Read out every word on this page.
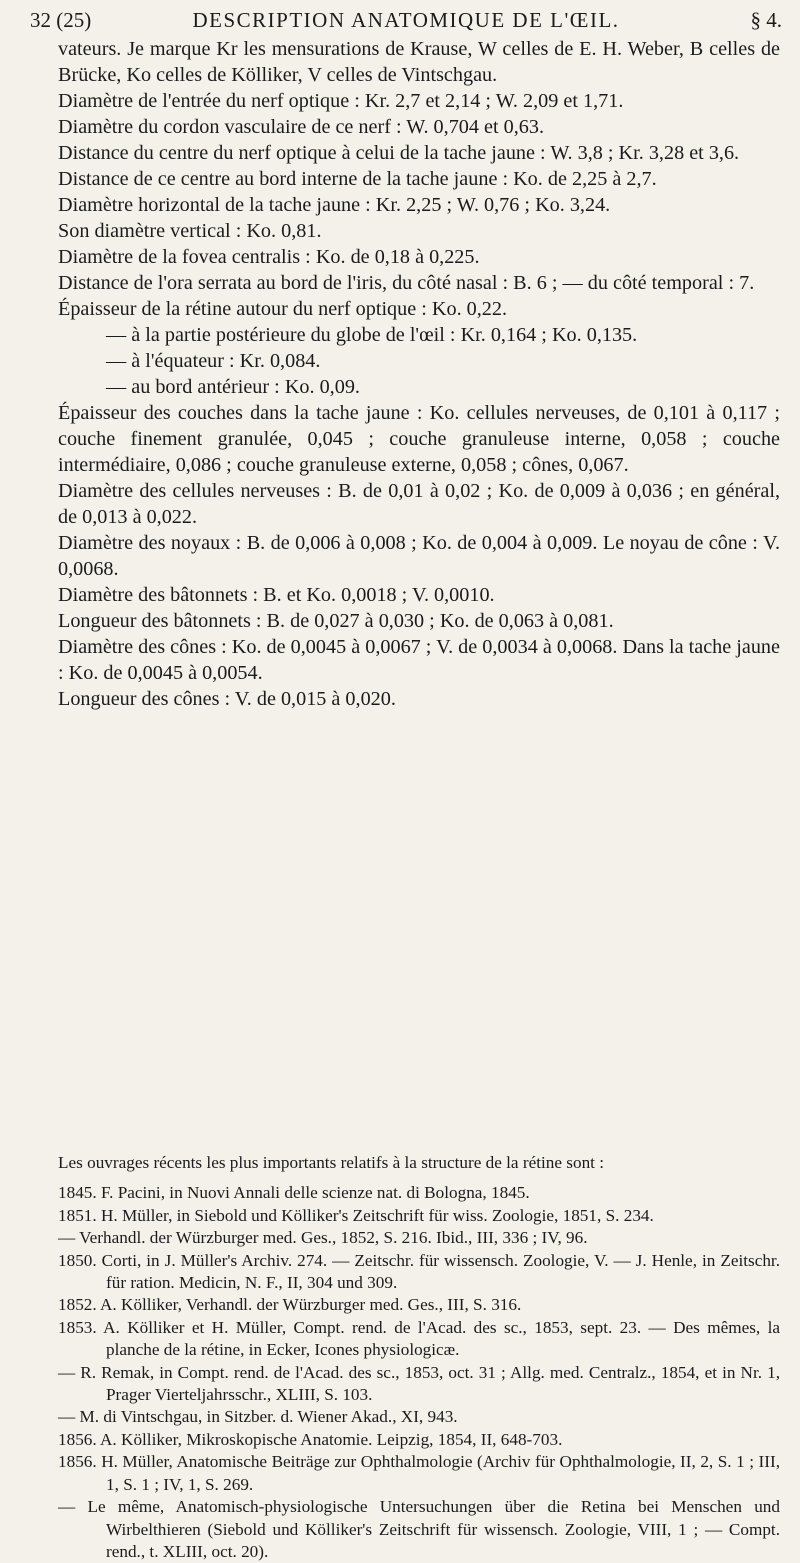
32 (25)	DESCRIPTION ANATOMIQUE DE L'ŒIL.	§ 4.

vateurs. Je marque Kr les mensurations de Krause, W celles de E. H. Weber, B celles de Brücke, Ko celles de Kölliker, V celles de Vintschgau.

Diamètre de l'entrée du nerf optique : Kr. 2,7 et 2,14 ; W. 2,09 et 1,71.

Diamètre du cordon vasculaire de ce nerf : W. 0,704 et 0,63.

Distance du centre du nerf optique à celui de la tache jaune : W. 3,8 ; Kr. 3,28 et 3,6.

Distance de ce centre au bord interne de la tache jaune : Ko. de 2,25 à 2,7.

Diamètre horizontal de la tache jaune : Kr. 2,25 ; W. 0,76 ; Ko. 3,24.

Son diamètre vertical : Ko. 0,81.

Diamètre de la fovea centralis : Ko. de 0,18 à 0,225.

Distance de l'ora serrata au bord de l'iris, du côté nasal : B. 6 ; — du côté temporal : 7.

Épaisseur de la rétine autour du nerf optique : Ko. 0,22.

— à la partie postérieure du globe de l'œil : Kr. 0,164 ; Ko. 0,135.

— à l'équateur : Kr. 0,084.

— au bord antérieur : Ko. 0,09.

Épaisseur des couches dans la tache jaune : Ko. cellules nerveuses, de 0,101 à 0,117 ; couche finement granulée, 0,045 ; couche granuleuse interne, 0,058 ; couche intermédiaire, 0,086 ; couche granuleuse externe, 0,058 ; cônes, 0,067.

Diamètre des cellules nerveuses : B. de 0,01 à 0,02 ; Ko. de 0,009 à 0,036 ; en général, de 0,013 à 0,022.

Diamètre des noyaux : B. de 0,006 à 0,008 ; Ko. de 0,004 à 0,009. Le noyau de cône : V. 0,0068.

Diamètre des bâtonnets : B. et Ko. 0,0018 ; V. 0,0010.

Longueur des bâtonnets : B. de 0,027 à 0,030 ; Ko. de 0,063 à 0,081.

Diamètre des cônes : Ko. de 0,0045 à 0,0067 ; V. de 0,0034 à 0,0068. Dans la tache jaune : Ko. de 0,0045 à 0,0054.

Longueur des cônes : V. de 0,015 à 0,020.

Les ouvrages récents les plus importants relatifs à la structure de la rétine sont :

1845. F. Pacini, in Nuovi Annali delle scienze nat. di Bologna, 1845.

1851. H. Müller, in Siebold und Kölliker's Zeitschrift für wiss. Zoologie, 1851, S. 234.

— Verhandl. der Würzburger med. Ges., 1852, S. 216. Ibid., III, 336 ; IV, 96.

1850. Corti, in J. Müller's Archiv. 274. — Zeitschr. für wissensch. Zoologie, V. — J. Henle, in Zeitschr. für ration. Medicin, N. F., II, 304 und 309.

1852. A. Kölliker, Verhandl. der Würzburger med. Ges., III, S. 316.

1853. A. Kölliker et H. Müller, Compt. rend. de l'Acad. des sc., 1853, sept. 23. — Des mêmes, la planche de la rétine, in Ecker, Icones physiologicæ.

— R. Remak, in Compt. rend. de l'Acad. des sc., 1853, oct. 31 ; Allg. med. Centralz., 1854, et in Nr. 1, Prager Vierteljahrsschr., XLIII, S. 103.

— M. di Vintschgau, in Sitzber. d. Wiener Akad., XI, 943.

1856. A. Kölliker, Mikroskopische Anatomie. Leipzig, 1854, II, 648-703.

1856. H. Müller, Anatomische Beiträge zur Ophthalmologie (Archiv für Ophthalmologie, II, 2, S. 1 ; III, 1, S. 1 ; IV, 1, S. 269.

— Le même, Anatomisch-physiologische Untersuchungen über die Retina bei Menschen und Wirbelthieren (Siebold und Kölliker's Zeitschrift für wissensch. Zoologie, VIII, 1 ; — Compt. rend., t. XLIII, oct. 20).
